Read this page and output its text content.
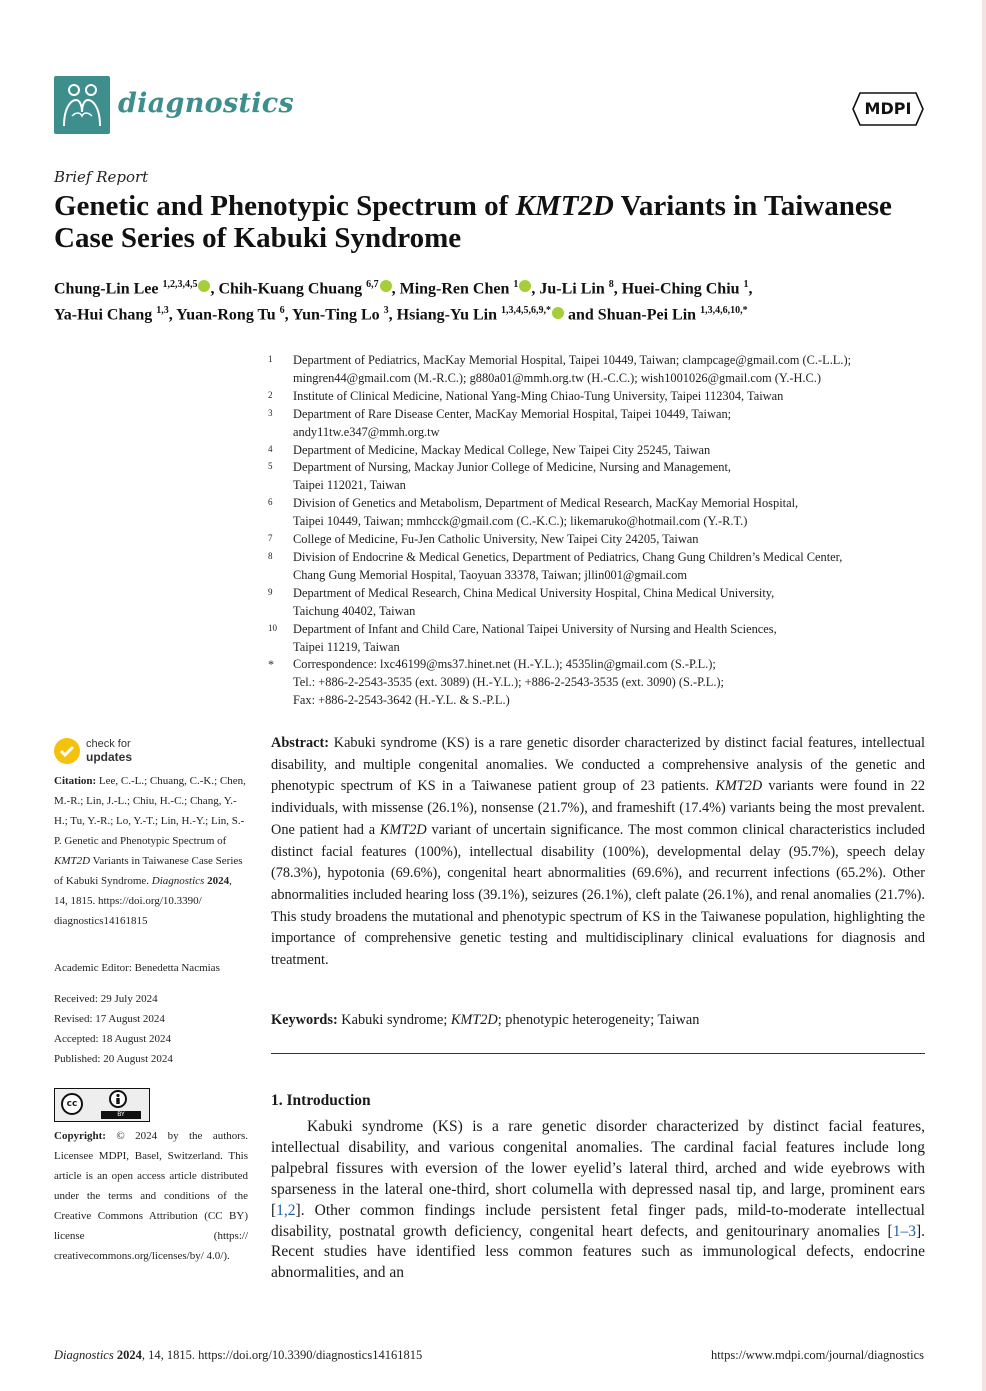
diagnostics	MDPI
Brief Report
Genetic and Phenotypic Spectrum of KMT2D Variants in Taiwanese Case Series of Kabuki Syndrome
Chung-Lin Lee $^{1,2,3,4,5}$ , Chih-Kuang Chuang $^{6,7}$ , Ming-Ren Chen $^1$ , Ju-Li Lin $^8$, Huei-Ching Chiu $^1$,
Ya-Hui Chang $^{1,3}$, Yuan-Rong Tu $^6$, Yun-Ting Lo $^3$, Hsiang-Yu Lin $^{1,3,4,5,6,9,*}$ and Shuan-Pei Lin $^{1,3,4,6,10,*}$
1	Department of Pediatrics, MacKay Memorial Hospital, Taipei 10449, Taiwan; clampcage@gmail.com (C.-L.L.);
mingren44@gmail.com (M.-R.C.); g880a01@mmh.org.tw (H.-C.C.); wish1001026@gmail.com (Y.-H.C.)
2	Institute of Clinical Medicine, National Yang-Ming Chiao-Tung University, Taipei 112304, Taiwan
3	Department of Rare Disease Center, MacKay Memorial Hospital, Taipei 10449, Taiwan;
andy11tw.e347@mmh.org.tw
4	Department of Medicine, Mackay Medical College, New Taipei City 25245, Taiwan
5	Department of Nursing, Mackay Junior College of Medicine, Nursing and Management,
Taipei 112021, Taiwan
6	Division of Genetics and Metabolism, Department of Medical Research, MacKay Memorial Hospital,
Taipei 10449, Taiwan; mmhcck@gmail.com (C.-K.C.); likemaruko@hotmail.com (Y.-R.T.)
7	College of Medicine, Fu-Jen Catholic University, New Taipei City 24205, Taiwan
8	Division of Endocrine & Medical Genetics, Department of Pediatrics, Chang Gung Children’s Medical Center,
Chang Gung Memorial Hospital, Taoyuan 33378, Taiwan; jllin001@gmail.com
9	Department of Medical Research, China Medical University Hospital, China Medical University,
Taichung 40402, Taiwan
10	Department of Infant and Child Care, National Taipei University of Nursing and Health Sciences,
Taipei 11219, Taiwan
*	Correspondence: lxc46199@ms37.hinet.net (H.-Y.L.); 4535lin@gmail.com (S.-P.L.);
Tel.: +886-2-2543-3535 (ext. 3089) (H.-Y.L.); +886-2-2543-3535 (ext. 3090) (S.-P.L.);
Fax: +886-2-2543-3642 (H.-Y.L. & S.-P.L.)
check for
updates
Citation: Lee, C.-L.; Chuang, C.-K.; Chen, M.-R.; Lin, J.-L.; Chiu, H.-C.; Chang, Y.-H.; Tu, Y.-R.; Lo, Y.-T.; Lin, H.-Y.; Lin, S.-P. Genetic and Phenotypic Spectrum of KMT2D Variants in Taiwanese Case Series of Kabuki Syndrome. Diagnostics 2024, 14, 1815. https://doi.org/10.3390/ diagnostics14161815
Academic Editor: Benedetta Nacmias
Received: 29 July 2024
Revised: 17 August 2024
Accepted: 18 August 2024
Published: 20 August 2024
cc
BY
Copyright: © 2024 by the authors. Licensee MDPI, Basel, Switzerland. This article is an open access article distributed under the terms and conditions of the Creative Commons Attribution (CC BY) license (https:// creativecommons.org/licenses/by/ 4.0/).
Abstract: Kabuki syndrome (KS) is a rare genetic disorder characterized by distinct facial features, intellectual disability, and multiple congenital anomalies. We conducted a comprehensive analysis of the genetic and phenotypic spectrum of KS in a Taiwanese patient group of 23 patients. KMT2D variants were found in 22 individuals, with missense (26.1%), nonsense (21.7%), and frameshift (17.4%) variants being the most prevalent. One patient had a KMT2D variant of uncertain significance. The most common clinical characteristics included distinct facial features (100%), intellectual disability (100%), developmental delay (95.7%), speech delay (78.3%), hypotonia (69.6%), congenital heart abnormalities (69.6%), and recurrent infections (65.2%). Other abnormalities included hearing loss (39.1%), seizures (26.1%), cleft palate (26.1%), and renal anomalies (21.7%). This study broadens the mutational and phenotypic spectrum of KS in the Taiwanese population, highlighting the importance of comprehensive genetic testing and multidisciplinary clinical evaluations for diagnosis and treatment.
Keywords: Kabuki syndrome; KMT2D; phenotypic heterogeneity; Taiwan
1. Introduction
Kabuki syndrome (KS) is a rare genetic disorder characterized by distinct facial features, intellectual disability, and various congenital anomalies. The cardinal facial features include long palpebral fissures with eversion of the lower eyelid’s lateral third, arched and wide eyebrows with sparseness in the lateral one-third, short columella with depressed nasal tip, and large, prominent ears [1,2]. Other common findings include persistent fetal finger pads, mild-to-moderate intellectual disability, postnatal growth deficiency, congenital heart defects, and genitourinary anomalies [1–3]. Recent studies have identified less common features such as immunological defects, endocrine abnormalities, and an
Diagnostics 2024, 14, 1815. https://doi.org/10.3390/diagnostics14161815	https://www.mdpi.com/journal/diagnostics
